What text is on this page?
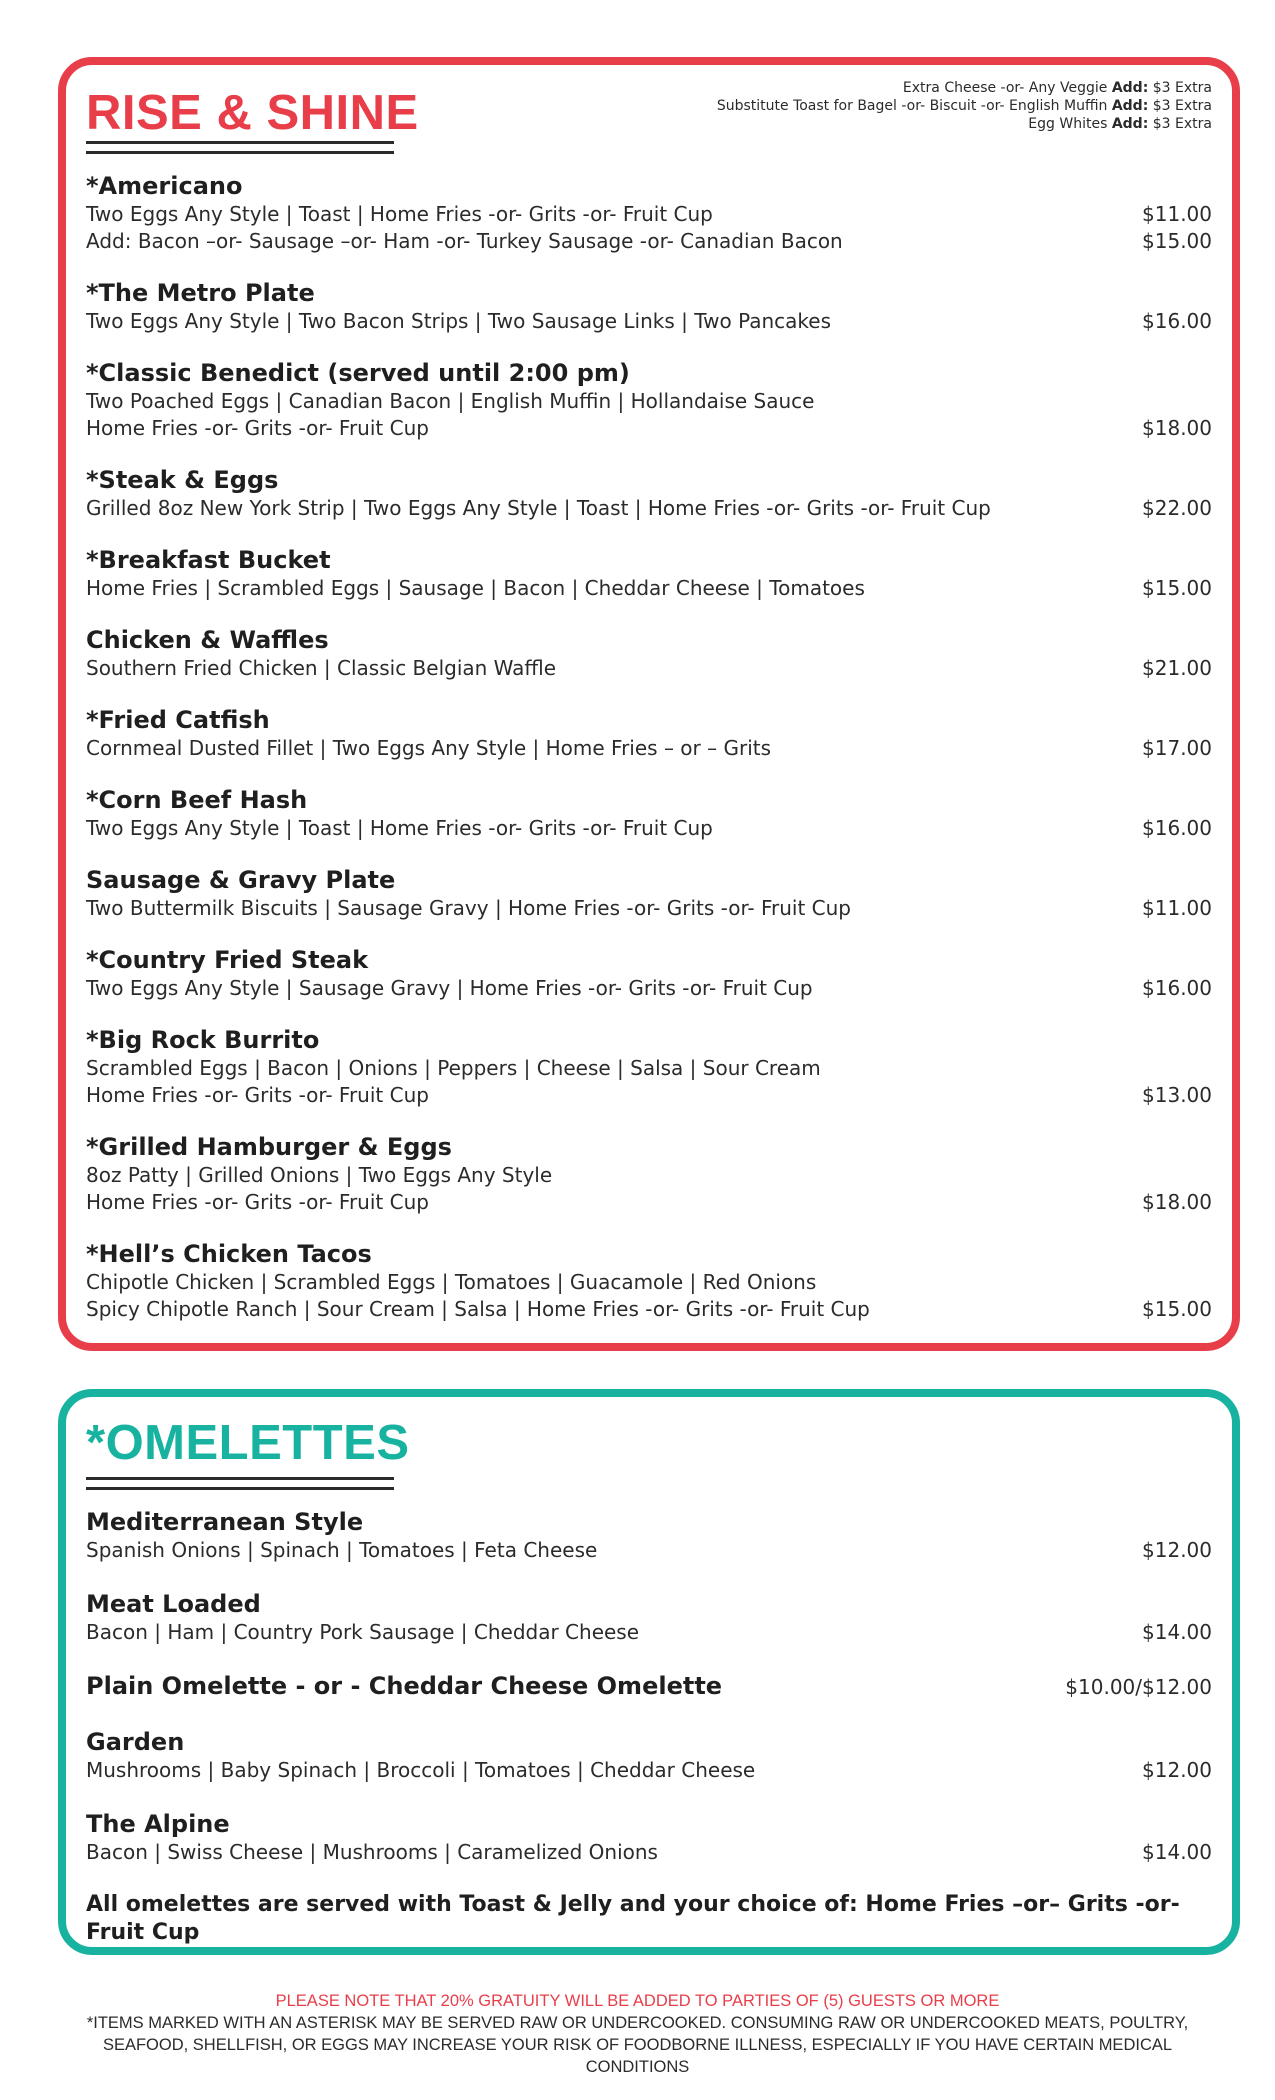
RISE & SHINE	Extra Cheese -or- Any Veggie Add: $3 Extra
Substitute Toast for Bagel -or- Biscuit -or- English Muffin Add: $3 Extra
Egg Whites Add: $3 Extra
*Americano
Two Eggs Any Style | Toast | Home Fries -or- Grits -or- Fruit Cup	$11.00
Add: Bacon –or- Sausage –or- Ham -or- Turkey Sausage -or- Canadian Bacon	$15.00
*The Metro Plate
Two Eggs Any Style | Two Bacon Strips | Two Sausage Links | Two Pancakes	$16.00
*Classic Benedict (served until 2:00 pm)
Two Poached Eggs | Canadian Bacon | English Muffin | Hollandaise Sauce
Home Fries -or- Grits -or- Fruit Cup	$18.00
*Steak & Eggs
Grilled 8oz New York Strip | Two Eggs Any Style | Toast | Home Fries -or- Grits -or- Fruit Cup	$22.00
*Breakfast Bucket
Home Fries | Scrambled Eggs | Sausage | Bacon | Cheddar Cheese | Tomatoes	$15.00
Chicken & Waffles
Southern Fried Chicken | Classic Belgian Waffle	$21.00
*Fried Catfish
Cornmeal Dusted Fillet | Two Eggs Any Style | Home Fries – or – Grits	$17.00
*Corn Beef Hash
Two Eggs Any Style | Toast | Home Fries -or- Grits -or- Fruit Cup	$16.00
Sausage & Gravy Plate
Two Buttermilk Biscuits | Sausage Gravy | Home Fries -or- Grits -or- Fruit Cup	$11.00
*Country Fried Steak
Two Eggs Any Style | Sausage Gravy | Home Fries -or- Grits -or- Fruit Cup	$16.00
*Big Rock Burrito
Scrambled Eggs | Bacon | Onions | Peppers | Cheese | Salsa | Sour Cream
Home Fries -or- Grits -or- Fruit Cup	$13.00
*Grilled Hamburger & Eggs
8oz Patty | Grilled Onions | Two Eggs Any Style
Home Fries -or- Grits -or- Fruit Cup	$18.00
*Hell’s Chicken Tacos
Chipotle Chicken | Scrambled Eggs | Tomatoes | Guacamole | Red Onions
Spicy Chipotle Ranch | Sour Cream | Salsa | Home Fries -or- Grits -or- Fruit Cup	$15.00
*OMELETTES
Mediterranean Style
Spanish Onions | Spinach | Tomatoes | Feta Cheese	$12.00
Meat Loaded
Bacon | Ham | Country Pork Sausage | Cheddar Cheese	$14.00
Plain Omelette - or - Cheddar Cheese Omelette	$10.00/$12.00
Garden
Mushrooms | Baby Spinach | Broccoli | Tomatoes | Cheddar Cheese	$12.00
The Alpine
Bacon | Swiss Cheese | Mushrooms | Caramelized Onions	$14.00
All omelettes are served with Toast & Jelly and your choice of: Home Fries –or– Grits -or- Fruit Cup
PLEASE NOTE THAT 20% GRATUITY WILL BE ADDED TO PARTIES OF (5) GUESTS OR MORE
*ITEMS MARKED WITH AN ASTERISK MAY BE SERVED RAW OR UNDERCOOKED. CONSUMING RAW OR UNDERCOOKED MEATS, POULTRY, SEAFOOD, SHELLFISH, OR EGGS MAY INCREASE YOUR RISK OF FOODBORNE ILLNESS, ESPECIALLY IF YOU HAVE CERTAIN MEDICAL CONDITIONS
